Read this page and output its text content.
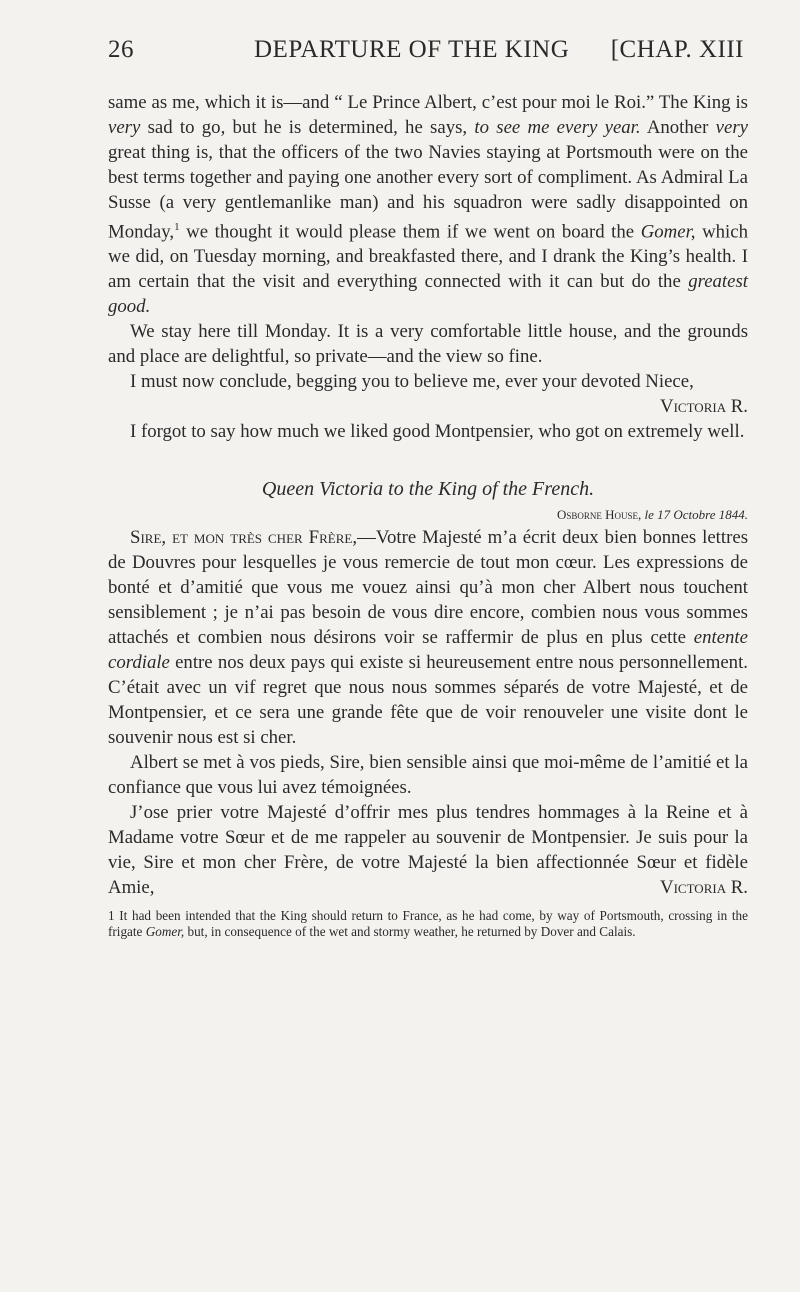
26	DEPARTURE OF THE KING [CHAP. XIII

same as me, which it is—and “ Le Prince Albert, c’est pour moi le Roi.” The King is very sad to go, but he is determined, he says, to see me every year. Another very great thing is, that the officers of the two Navies staying at Portsmouth were on the best terms together and paying one another every sort of compliment. As Admiral La Susse (a very gentlemanlike man) and his squadron were sadly disappointed on Monday,$^1$ we thought it would please them if we went on board the Gomer, which we did, on Tuesday morning, and breakfasted there, and I drank the King’s health. I am certain that the visit and everything connected with it can but do the greatest good.

We stay here till Monday. It is a very comfortable little house, and the grounds and place are delightful, so private—and the view so fine.

I must now conclude, begging you to believe me, ever your devoted Niece,
Victoria R.

I forgot to say how much we liked good Montpensier, who got on extremely well.

Queen Victoria to the King of the French.
Osborne House, le 17 Octobre 1844.

Sire, et mon très cher Frère,—Votre Majesté m’a écrit deux bien bonnes lettres de Douvres pour lesquelles je vous remercie de tout mon cœur. Les expressions de bonté et d’amitié que vous me vouez ainsi qu’à mon cher Albert nous touchent sensiblement ; je n’ai pas besoin de vous dire encore, combien nous vous sommes attachés et combien nous désirons voir se raffermir de plus en plus cette entente cordiale entre nos deux pays qui existe si heureusement entre nous personnellement. C’était avec un vif regret que nous nous sommes séparés de votre Majesté, et de Montpensier, et ce sera une grande fête que de voir renouveler une visite dont le souvenir nous est si cher.

Albert se met à vos pieds, Sire, bien sensible ainsi que moi-même de l’amitié et la confiance que vous lui avez témoignées.

J’ose prier votre Majesté d’offrir mes plus tendres hommages à la Reine et à Madame votre Sœur et de me rappeler au souvenir de Montpensier. Je suis pour la vie, Sire et mon cher Frère, de votre Majesté la bien affectionnée Sœur et fidèle Amie,	Victoria R.

1 It had been intended that the King should return to France, as he had come, by way of Portsmouth, crossing in the frigate Gomer, but, in consequence of the wet and stormy weather, he returned by Dover and Calais.
